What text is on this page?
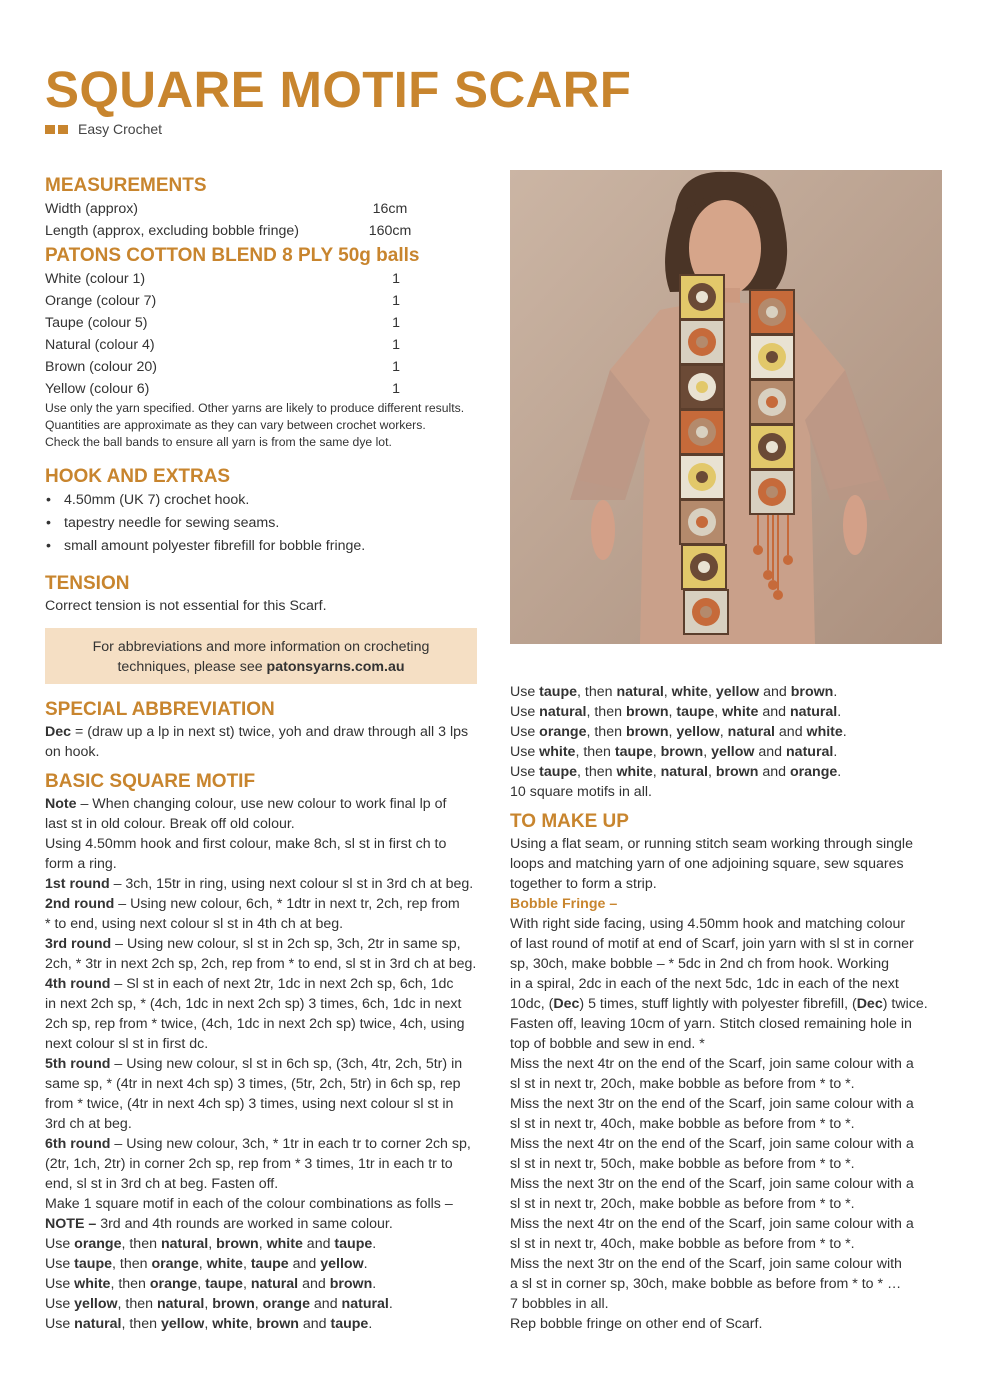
SQUARE MOTIF SCARF
Easy Crochet
MEASUREMENTS
Width (approx)	16cm
Length (approx, excluding bobble fringe)	160cm
PATONS COTTON BLEND 8 PLY 50g balls
White (colour 1)	1
Orange (colour 7)	1
Taupe (colour 5)	1
Natural (colour 4)	1
Brown (colour 20)	1
Yellow (colour 6)	1
Use only the yarn specified. Other yarns are likely to produce different results.
Quantities are approximate as they can vary between crochet workers.
Check the ball bands to ensure all yarn is from the same dye lot.
HOOK AND EXTRAS
• 4.50mm (UK 7) crochet hook.
• tapestry needle for sewing seams.
• small amount polyester fibrefill for bobble fringe.
TENSION

Correct tension is not essential for this Scarf.

For abbreviations and more information on crocheting
techniques, please see patonsyarns.com.au
SPECIAL ABBREVIATION

Dec = (draw up a lp in next st) twice, yoh and draw through all 3 lps

on hook.

BASIC SQUARE MOTIF

Note – When changing colour, use new colour to work final lp of

last st in old colour. Break off old colour.

Using 4.50mm hook and first colour, make 8ch, sl st in first ch to

form a ring.

1st round – 3ch, 15tr in ring, using next colour sl st in 3rd ch at beg.

2nd round – Using new colour, 6ch, * 1dtr in next tr, 2ch, rep from

* to end, using next colour sl st in 4th ch at beg.

3rd round – Using new colour, sl st in 2ch sp, 3ch, 2tr in same sp,

2ch, * 3tr in next 2ch sp, 2ch, rep from * to end, sl st in 3rd ch at beg.

4th round – Sl st in each of next 2tr, 1dc in next 2ch sp, 6ch, 1dc

in next 2ch sp, * (4ch, 1dc in next 2ch sp) 3 times, 6ch, 1dc in next

2ch sp, rep from * twice, (4ch, 1dc in next 2ch sp) twice, 4ch, using

next colour sl st in first dc.

5th round – Using new colour, sl st in 6ch sp, (3ch, 4tr, 2ch, 5tr) in

same sp, * (4tr in next 4ch sp) 3 times, (5tr, 2ch, 5tr) in 6ch sp, rep

from * twice, (4tr in next 4ch sp) 3 times, using next colour sl st in

3rd ch at beg.

6th round – Using new colour, 3ch, * 1tr in each tr to corner 2ch sp,

(2tr, 1ch, 2tr) in corner 2ch sp, rep from * 3 times, 1tr in each tr to

end, sl st in 3rd ch at beg. Fasten off.

Make 1 square motif in each of the colour combinations as folls –

NOTE – 3rd and 4th rounds are worked in same colour.

Use orange, then natural, brown, white and taupe.

Use taupe, then orange, white, taupe and yellow.

Use white, then orange, taupe, natural and brown.

Use yellow, then natural, brown, orange and natural.

Use natural, then yellow, white, brown and taupe.

Use taupe, then natural, white, yellow and brown.

Use natural, then brown, taupe, white and natural.

Use orange, then brown, yellow, natural and white.

Use white, then taupe, brown, yellow and natural.

Use taupe, then white, natural, brown and orange.

10 square motifs in all.

TO MAKE UP

Using a flat seam, or running stitch seam working through single

loops and matching yarn of one adjoining square, sew squares

together to form a strip.

Bobble Fringe –

With right side facing, using 4.50mm hook and matching colour

of last round of motif at end of Scarf, join yarn with sl st in corner

sp, 30ch, make bobble – * 5dc in 2nd ch from hook. Working

in a spiral, 2dc in each of the next 5dc, 1dc in each of the next

10dc, (Dec) 5 times, stuff lightly with polyester fibrefill, (Dec) twice.

Fasten off, leaving 10cm of yarn. Stitch closed remaining hole in

top of bobble and sew in end. *

Miss the next 4tr on the end of the Scarf, join same colour with a

sl st in next tr, 20ch, make bobble as before from * to *.

Miss the next 3tr on the end of the Scarf, join same colour with a

sl st in next tr, 40ch, make bobble as before from * to *.

Miss the next 4tr on the end of the Scarf, join same colour with a

sl st in next tr, 50ch, make bobble as before from * to *.

Miss the next 3tr on the end of the Scarf, join same colour with a

sl st in next tr, 20ch, make bobble as before from * to *.

Miss the next 4tr on the end of the Scarf, join same colour with a

sl st in next tr, 40ch, make bobble as before from * to *.

Miss the next 3tr on the end of the Scarf, join same colour with

a sl st in corner sp, 30ch, make bobble as before from * to * …

7 bobbles in all.

Rep bobble fringe on other end of Scarf.
